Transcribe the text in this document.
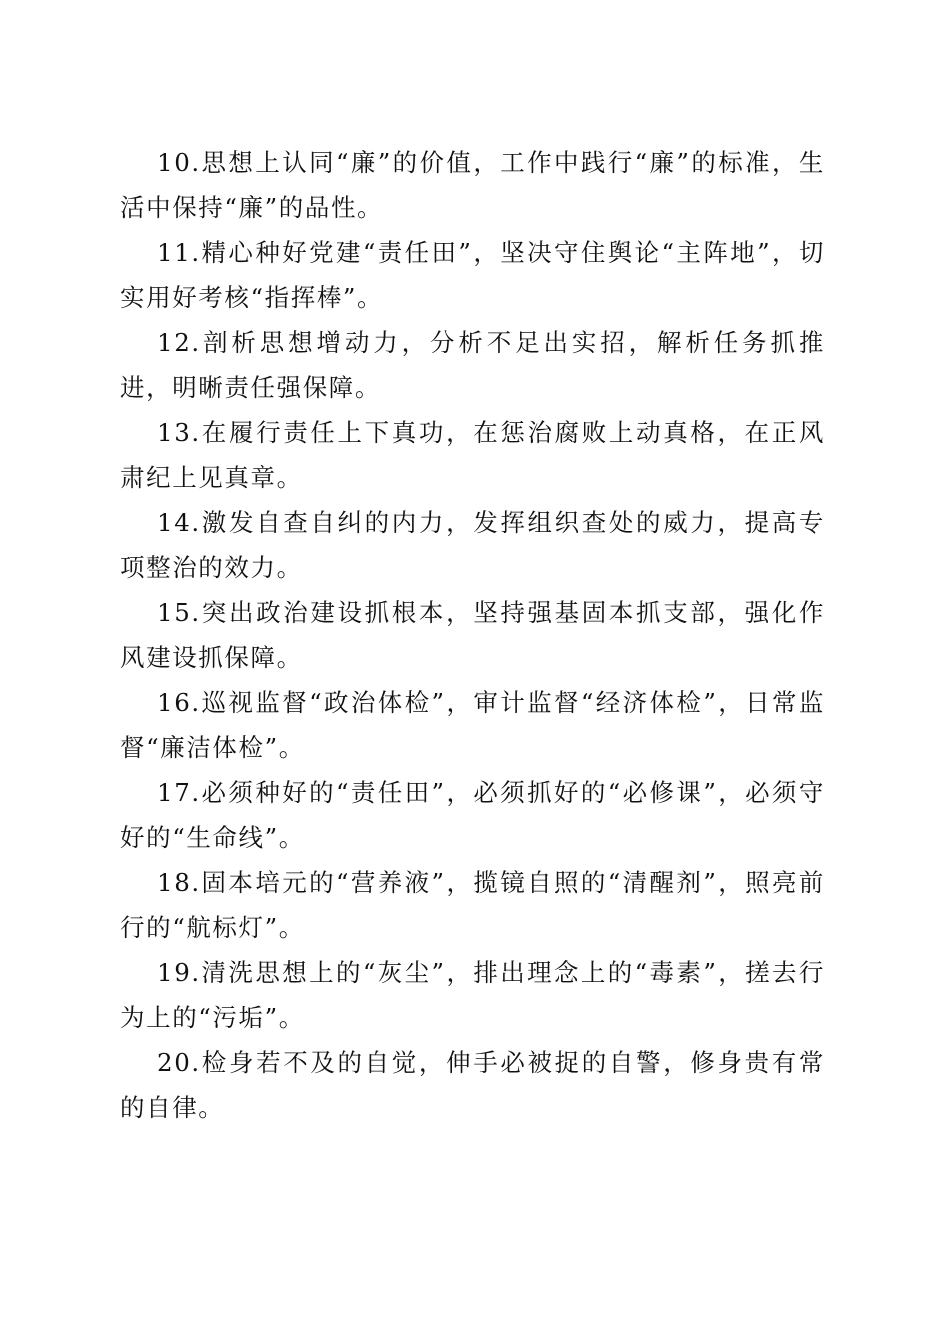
10.思想上认同“廉”的价值，工作中践行“廉”的标准，生活中保持“廉”的品性。

11.精心种好党建“责任田”，坚决守住舆论“主阵地”，切实用好考核“指挥棒”。

12.剖析思想增动力，分析不足出实招，解析任务抓推进，明晰责任强保障。

13.在履行责任上下真功，在惩治腐败上动真格，在正风肃纪上见真章。

14.激发自查自纠的内力，发挥组织查处的威力，提高专项整治的效力。

15.突出政治建设抓根本，坚持强基固本抓支部，强化作风建设抓保障。

16.巡视监督“政治体检”，审计监督“经济体检”，日常监督“廉洁体检”。

17.必须种好的“责任田”，必须抓好的“必修课”，必须守好的“生命线”。

18.固本培元的“营养液”，揽镜自照的“清醒剂”，照亮前行的“航标灯”。

19.清洗思想上的“灰尘”，排出理念上的“毒素”，搓去行为上的“污垢”。

20.检身若不及的自觉，伸手必被捉的自警，修身贵有常的自律。
